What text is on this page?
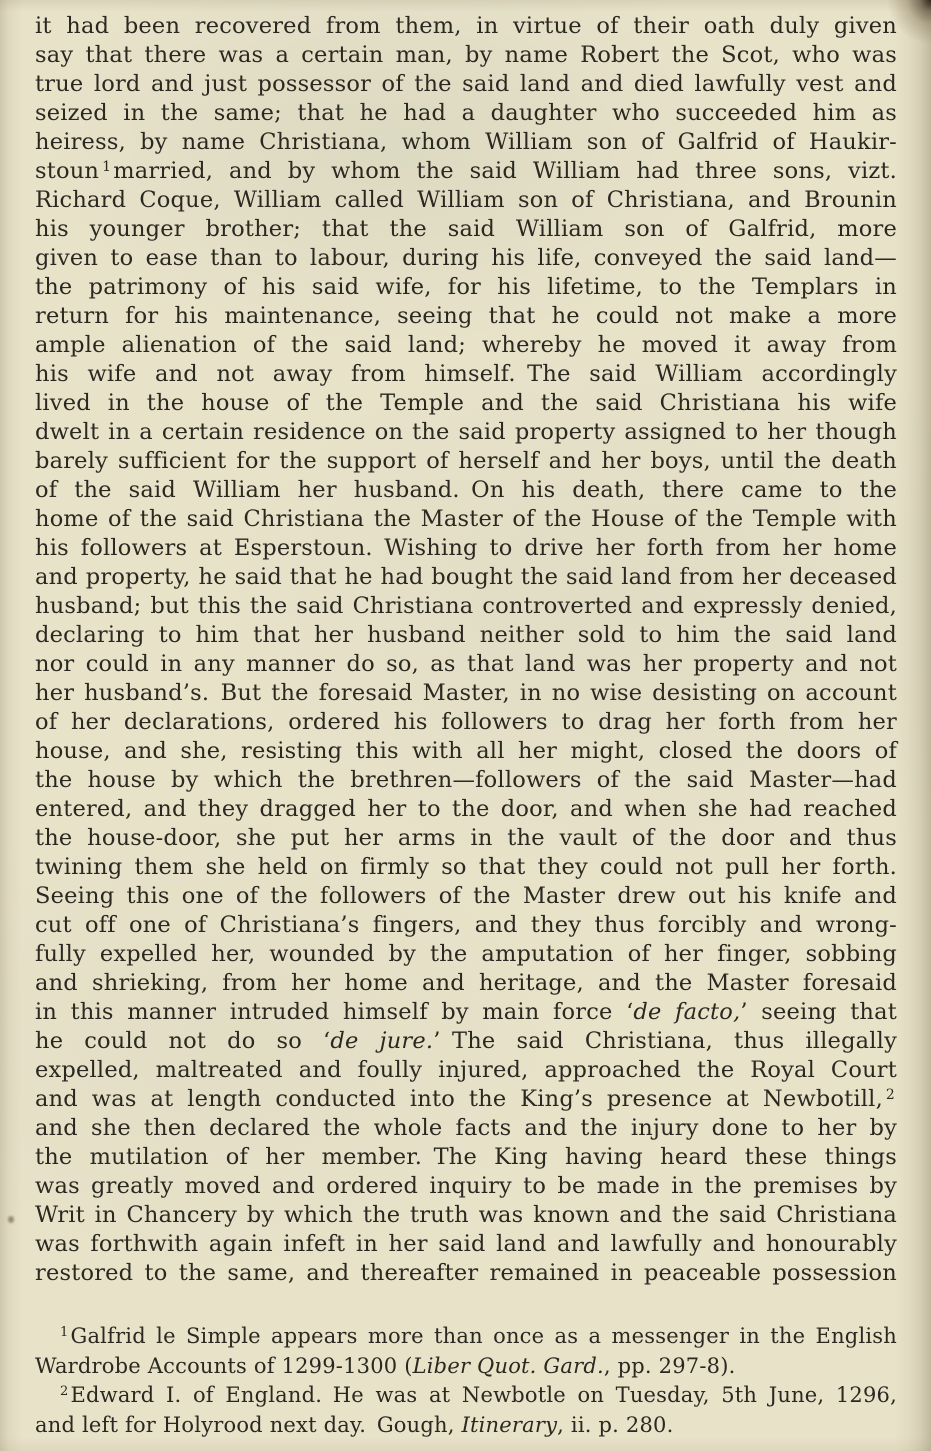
it had been recovered from them, in virtue of their oath duly given
say that there was a certain man, by name Robert the Scot, who was
true lord and just possessor of the said land and died lawfully vest and
seized in the same; that he had a daughter who succeeded him as
heiress, by name Christiana, whom William son of Galfrid of Haukir-
stoun $^1$married, and by whom the said William had three sons, vizt.
Richard Coque, William called William son of Christiana, and Brounin
his younger brother; that the said William son of Galfrid, more
given to ease than to labour, during his life, conveyed the said land—
the patrimony of his said wife, for his lifetime, to the Templars in
return for his maintenance, seeing that he could not make a more
ample alienation of the said land; whereby he moved it away from
his wife and not away from himself. The said William accordingly
lived in the house of the Temple and the said Christiana his wife
dwelt in a certain residence on the said property assigned to her though
barely sufficient for the support of herself and her boys, until the death
of the said William her husband. On his death, there came to the
home of the said Christiana the Master of the House of the Temple with
his followers at Esperstoun. Wishing to drive her forth from her home
and property, he said that he had bought the said land from her deceased
husband; but this the said Christiana controverted and expressly denied,
declaring to him that her husband neither sold to him the said land
nor could in any manner do so, as that land was her property and not
her husband’s. But the foresaid Master, in no wise desisting on account
of her declarations, ordered his followers to drag her forth from her
house, and she, resisting this with all her might, closed the doors of
the house by which the brethren—followers of the said Master—had
entered, and they dragged her to the door, and when she had reached
the house-door, she put her arms in the vault of the door and thus
twining them she held on firmly so that they could not pull her forth.
Seeing this one of the followers of the Master drew out his knife and
cut off one of Christiana’s fingers, and they thus forcibly and wrong-
fully expelled her, wounded by the amputation of her finger, sobbing
and shrieking, from her home and heritage, and the Master foresaid
in this manner intruded himself by main force ‘de facto,’ seeing that
he could not do so ‘de jure.’ The said Christiana, thus illegally
expelled, maltreated and foully injured, approached the Royal Court
and was at length conducted into the King’s presence at Newbotill, $^2$
and she then declared the whole facts and the injury done to her by
the mutilation of her member. The King having heard these things
was greatly moved and ordered inquiry to be made in the premises by
Writ in Chancery by which the truth was known and the said Christiana
was forthwith again infeft in her said land and lawfully and honourably
restored to the same, and thereafter remained in peaceable possession
$^1$Galfrid le Simple appears more than once as a messenger in the English
Wardrobe Accounts of 1299-1300 (Liber Quot. Gard., pp. 297-8).
$^2$Edward I. of England. He was at Newbotle on Tuesday, 5th June, 1296,
and left for Holyrood next day. Gough, Itinerary, ii. p. 280.
